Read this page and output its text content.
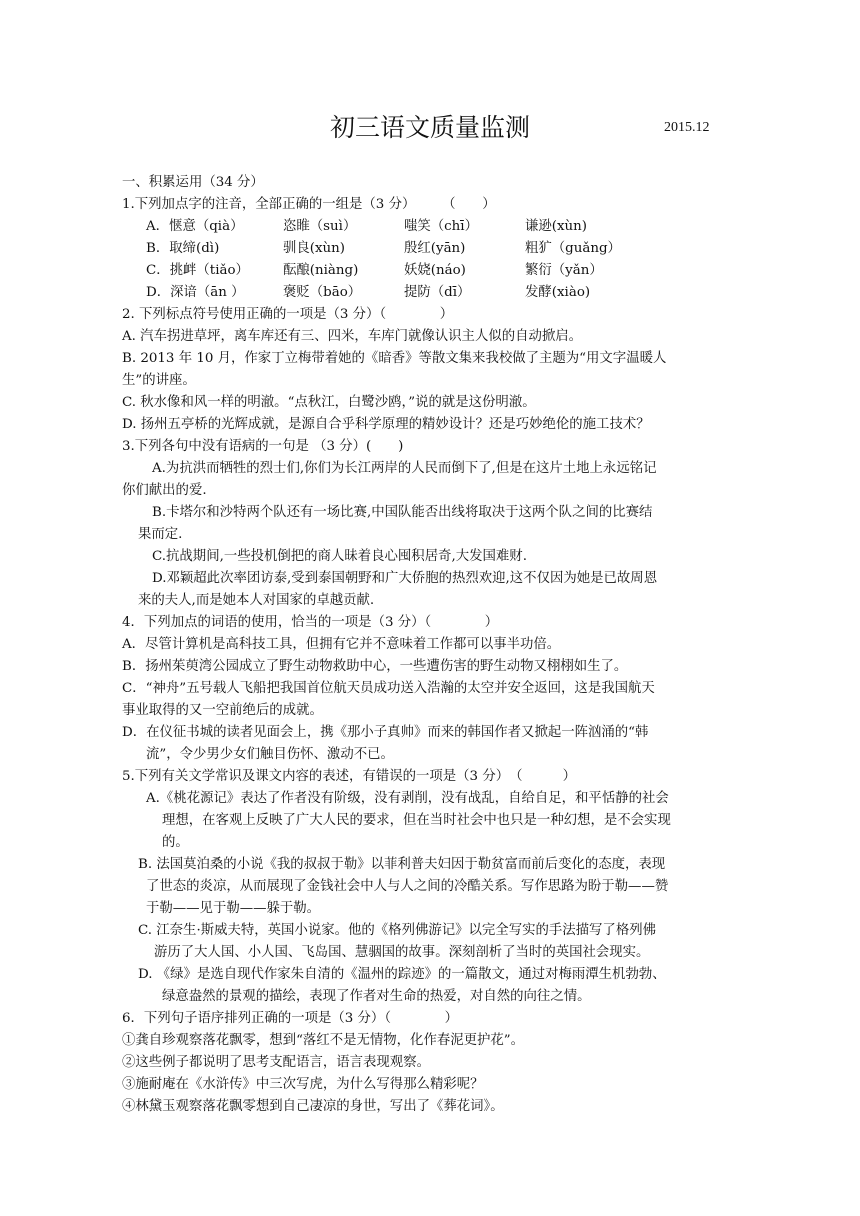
初三语文质量监测	2015.12
一、积累运用（34 分）
1.下列加点字的注音，全部正确的一组是（3 分）　　　（　　）
A．惬意（qià）	恣睢（suì）	嗤笑（chī）	谦逊(xùn)
B．取缔(dì)	驯良(xùn)	殷红(yān)	粗犷（guǎng）
C．挑衅（tiǎo）	酝酿(niàng)	妖娆(náo)	繁衍（yǎn）
D．深谙（ān ）	褒贬（bāo）	提防（dī）	发酵(xiào)
2. 下列标点符号使用正确的一项是（3 分）（　　　　）
A. 汽车拐进草坪，离车库还有三、四米，车库门就像认识主人似的自动掀启。
B. 2013 年 10 月，作家丁立梅带着她的《暗香》等散文集来我校做了主题为“用文字温暖人
生”的讲座。
C. 秋水像和风一样的明澈。“点秋江，白鹭沙鸥，”说的就是这份明澈。
D. 扬州五亭桥的光辉成就，是源自合乎科学原理的精妙设计？还是巧妙绝伦的施工技术？
3.下列各句中没有语病的一句是 （3 分）(　　)
A.为抗洪而牺牲的烈士们,你们为长江两岸的人民而倒下了,但是在这片土地上永远铭记
你们献出的爱.
B.卡塔尔和沙特两个队还有一场比赛,中国队能否出线将取决于这两个队之间的比赛结
果而定.
C.抗战期间,一些投机倒把的商人昧着良心囤积居奇,大发国难财.
D.邓颖超此次率团访泰,受到泰国朝野和广大侨胞的热烈欢迎,这不仅因为她是已故周恩
来的夫人,而是她本人对国家的卓越贡献.
4．下列加点的词语的使用，恰当的一项是（3 分）（　　　　）
A．尽管计算机是高科技工具，但拥有它并不意味着工作都可以事半功倍。
B．扬州茱萸湾公园成立了野生动物救助中心，一些遭伤害的野生动物又栩栩如生了。
C．“神舟”五号载人飞船把我国首位航天员成功送入浩瀚的太空并安全返回，这是我国航天
事业取得的又一空前绝后的成就。
D．在仪征书城的读者见面会上，携《那小子真帅》而来的韩国作者又掀起一阵汹涌的“韩
流”，令少男少女们触目伤怀、激动不已。
5.下列有关文学常识及课文内容的表述，有错误的一项是（3 分）　（　　　）
A.《桃花源记》表达了作者没有阶级，没有剥削，没有战乱，自给自足，和平恬静的社会
理想，在客观上反映了广大人民的要求，但在当时社会中也只是一种幻想，是不会实现
的。
B. 法国莫泊桑的小说《我的叔叔于勒》以菲利普夫妇因于勒贫富而前后变化的态度，表现
了世态的炎凉，从而展现了金钱社会中人与人之间的冷酷关系。写作思路为盼于勒——赞
于勒——见于勒——躲于勒。
C. 江奈生·斯威夫特，英国小说家。他的《格列佛游记》以完全写实的手法描写了格列佛
游历了大人国、小人国、飞岛国、慧骃国的故事。深刻剖析了当时的英国社会现实。
D. 《绿》是选自现代作家朱自清的《温州的踪迹》的一篇散文，通过对梅雨潭生机勃勃、
绿意盎然的景观的描绘，表现了作者对生命的热爱，对自然的向往之情。
6．下列句子语序排列正确的一项是（3 分）（　　　　）
①龚自珍观察落花飘零，想到“落红不是无情物，化作春泥更护花”。
②这些例子都说明了思考支配语言，语言表现观察。
③施耐庵在《水浒传》中三次写虎，为什么写得那么精彩呢？
④林黛玉观察落花飘零想到自己凄凉的身世，写出了《葬花词》。
